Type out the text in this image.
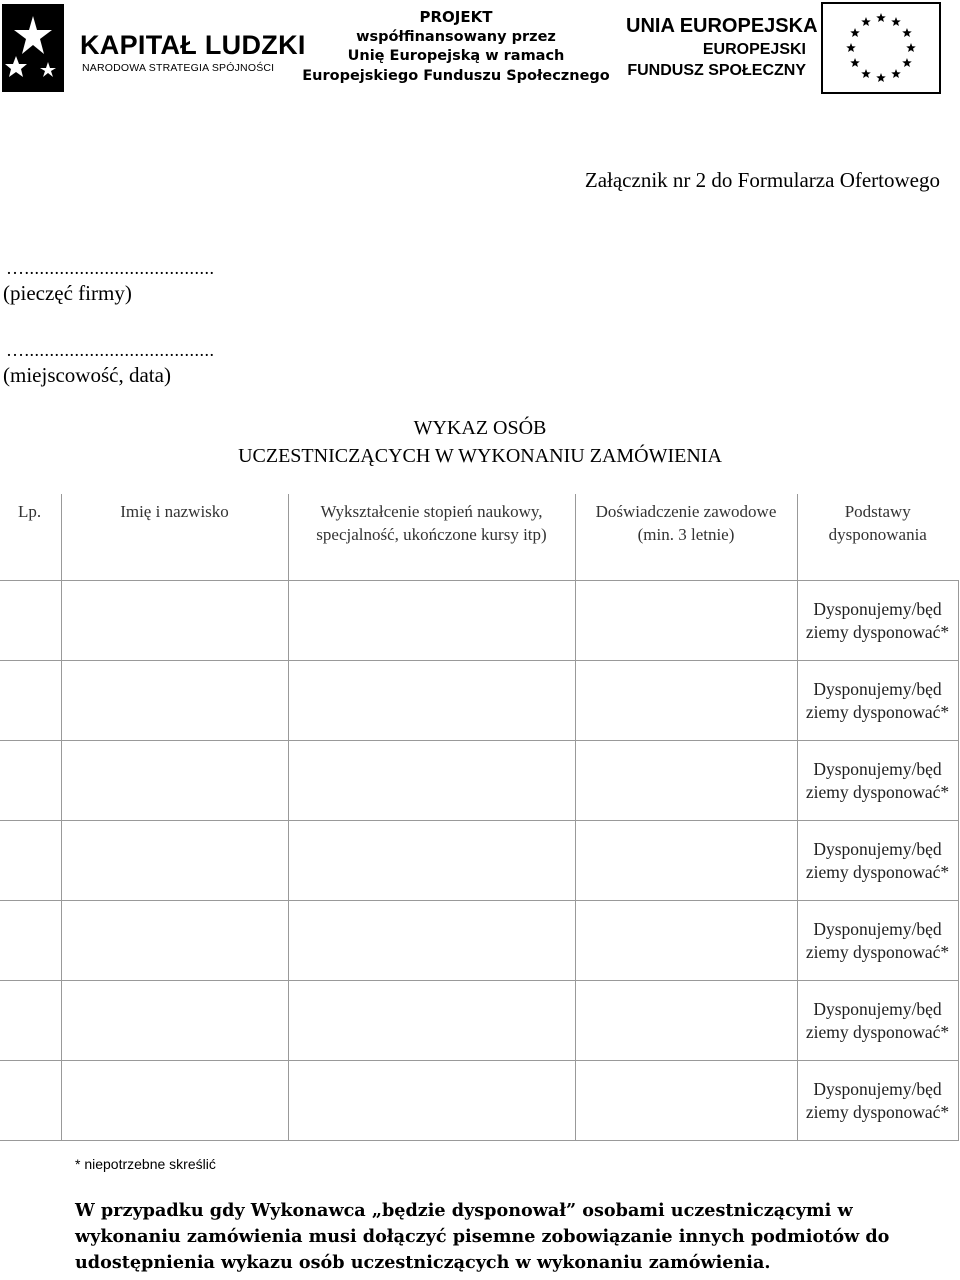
KAPITAŁ LUDZKI
NARODOWA STRATEGIA SPÓJNOŚCI
PROJEKT
współfinansowany przez
Unię Europejską w ramach
Europejskiego Funduszu Społecznego
UNIA EUROPEJSKA
EUROPEJSKI
FUNDUSZ SPOŁECZNY
Załącznik nr 2 do Formularza Ofertowego
…......................................
(pieczęć firmy)
…......................................
(miejscowość, data)
WYKAZ OSÓB
UCZESTNICZĄCYCH W WYKONANIU ZAMÓWIENIA
Lp.	Imię i nazwisko	Wykształcenie stopień naukowy, specjalność, ukończone kursy itp)	Doświadczenie zawodowe (min. 3 letnie)	Podstawy dysponowania
				Dysponujemy/będ ziemy dysponować*
				Dysponujemy/będ ziemy dysponować*
				Dysponujemy/będ ziemy dysponować*
				Dysponujemy/będ ziemy dysponować*
				Dysponujemy/będ ziemy dysponować*
				Dysponujemy/będ ziemy dysponować*
				Dysponujemy/będ ziemy dysponować*
* niepotrzebne skreślić
W przypadku gdy Wykonawca „będzie dysponował” osobami uczestniczącymi w wykonaniu zamówienia musi dołączyć pisemne zobowiązanie innych podmiotów do udostępnienia wykazu osób uczestniczących w wykonaniu zamówienia.
